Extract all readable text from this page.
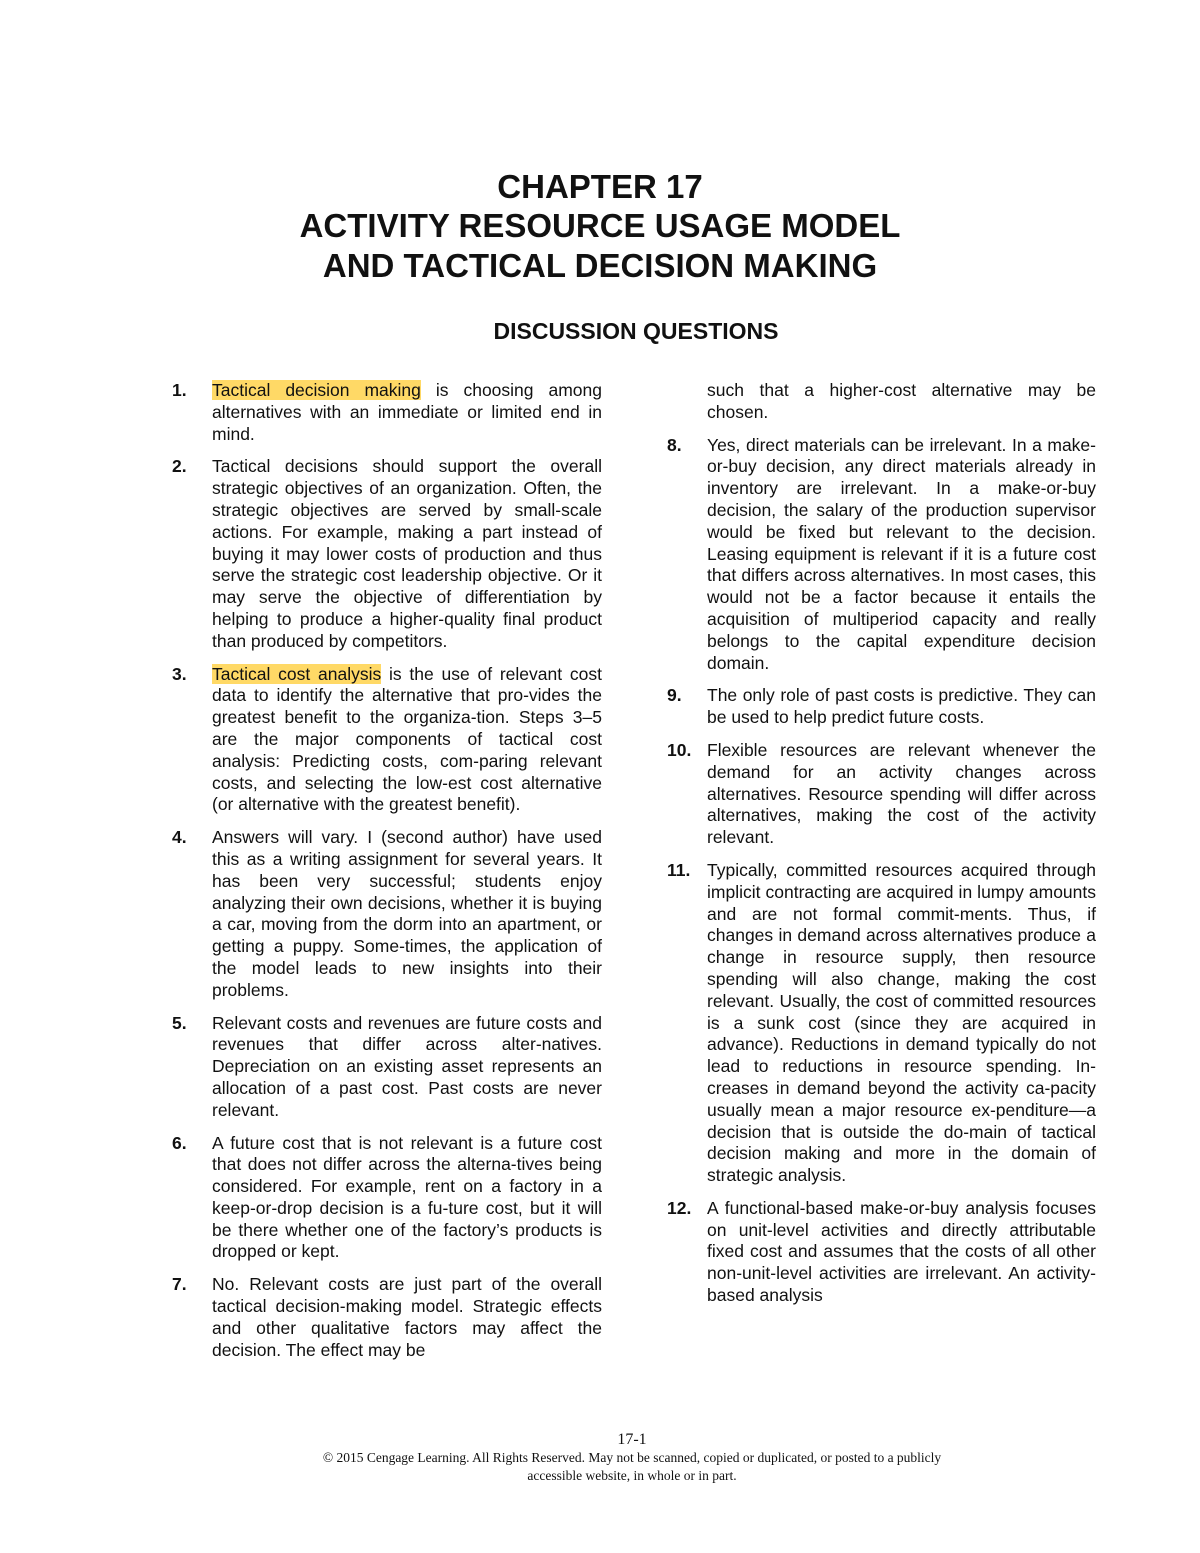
CHAPTER 17
ACTIVITY RESOURCE USAGE MODEL
AND TACTICAL DECISION MAKING
DISCUSSION QUESTIONS
1.	Tactical decision making is choosing among alternatives with an immediate or limited end in mind.
2.	Tactical decisions should support the overall strategic objectives of an organization. Often, the strategic objectives are served by small-scale actions. For example, making a part instead of buying it may lower costs of production and thus serve the strategic cost leadership objective. Or it may serve the objective of differentiation by helping to produce a higher-quality final product than produced by competitors.
3.	Tactical cost analysis is the use of relevant cost data to identify the alternative that pro-vides the greatest benefit to the organiza-tion. Steps 3–5 are the major components of tactical cost analysis: Predicting costs, com-paring relevant costs, and selecting the low-est cost alternative (or alternative with the greatest benefit).
4.	Answers will vary. I (second author) have used this as a writing assignment for several years. It has been very successful; students enjoy analyzing their own decisions, whether it is buying a car, moving from the dorm into an apartment, or getting a puppy. Some-times, the application of the model leads to new insights into their problems.
5.	Relevant costs and revenues are future costs and revenues that differ across alter-natives. Depreciation on an existing asset represents an allocation of a past cost. Past costs are never relevant.
6.	A future cost that is not relevant is a future cost that does not differ across the alterna-tives being considered. For example, rent on a factory in a keep-or-drop decision is a fu-ture cost, but it will be there whether one of the factory’s products is dropped or kept.
7.	No. Relevant costs are just part of the overall tactical decision-making model. Strategic effects and other qualitative factors may affect the decision. The effect may be
such that a higher-cost alternative may be chosen.
8.	Yes, direct materials can be irrelevant. In a make-or-buy decision, any direct materials already in inventory are irrelevant. In a make-or-buy decision, the salary of the production supervisor would be fixed but relevant to the decision. Leasing equipment is relevant if it is a future cost that differs across alternatives. In most cases, this would not be a factor because it entails the acquisition of multiperiod capacity and really belongs to the capital expenditure decision domain.
9.	The only role of past costs is predictive. They can be used to help predict future costs.
10. Flexible resources are relevant whenever the demand for an activity changes across alternatives. Resource spending will differ across alternatives, making the cost of the activity relevant.
11. Typically, committed resources acquired through implicit contracting are acquired in lumpy amounts and are not formal commit-ments. Thus, if changes in demand across alternatives produce a change in resource supply, then resource spending will also change, making the cost relevant. Usually, the cost of committed resources is a sunk cost (since they are acquired in advance). Reductions in demand typically do not lead to reductions in resource spending. In-creases in demand beyond the activity ca-pacity usually mean a major resource ex-penditure—a decision that is outside the do-main of tactical decision making and more in the domain of strategic analysis.
12. A functional-based make-or-buy analysis focuses on unit-level activities and directly attributable fixed cost and assumes that the costs of all other non-unit-level activities are irrelevant. An activity-based analysis
17-1
© 2015 Cengage Learning. All Rights Reserved. May not be scanned, copied or duplicated, or posted to a publicly
accessible website, in whole or in part.
